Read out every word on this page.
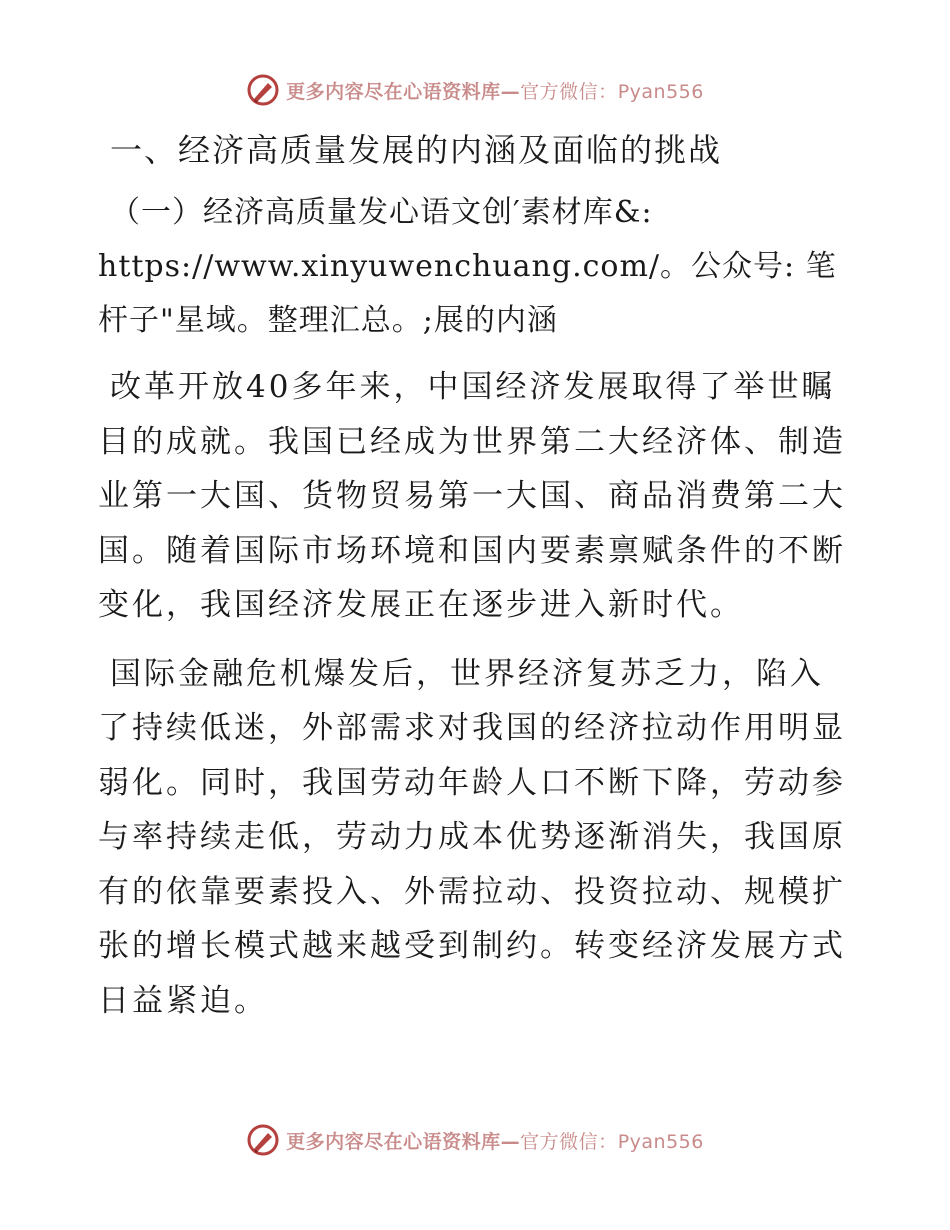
更多内容尽在心语资料库—官方微信：Pyan556
一、经济高质量发展的内涵及面临的挑战
（一）经济高质量发心语文创′素材库&:
https://www.xinyuwenchuang.com/。公众号: 笔
杆子"星域。整理汇总。;展的内涵
改革开放40多年来，中国经济发展取得了举世瞩
目的成就。我国已经成为世界第二大经济体、制造
业第一大国、货物贸易第一大国、商品消费第二大
国。随着国际市场环境和国内要素禀赋条件的不断
变化，我国经济发展正在逐步进入新时代。
国际金融危机爆发后，世界经济复苏乏力，陷入
了持续低迷，外部需求对我国的经济拉动作用明显
弱化。同时，我国劳动年龄人口不断下降，劳动参
与率持续走低，劳动力成本优势逐渐消失，我国原
有的依靠要素投入、外需拉动、投资拉动、规模扩
张的增长模式越来越受到制约。转变经济发展方式
日益紧迫。
更多内容尽在心语资料库—官方微信：Pyan556
